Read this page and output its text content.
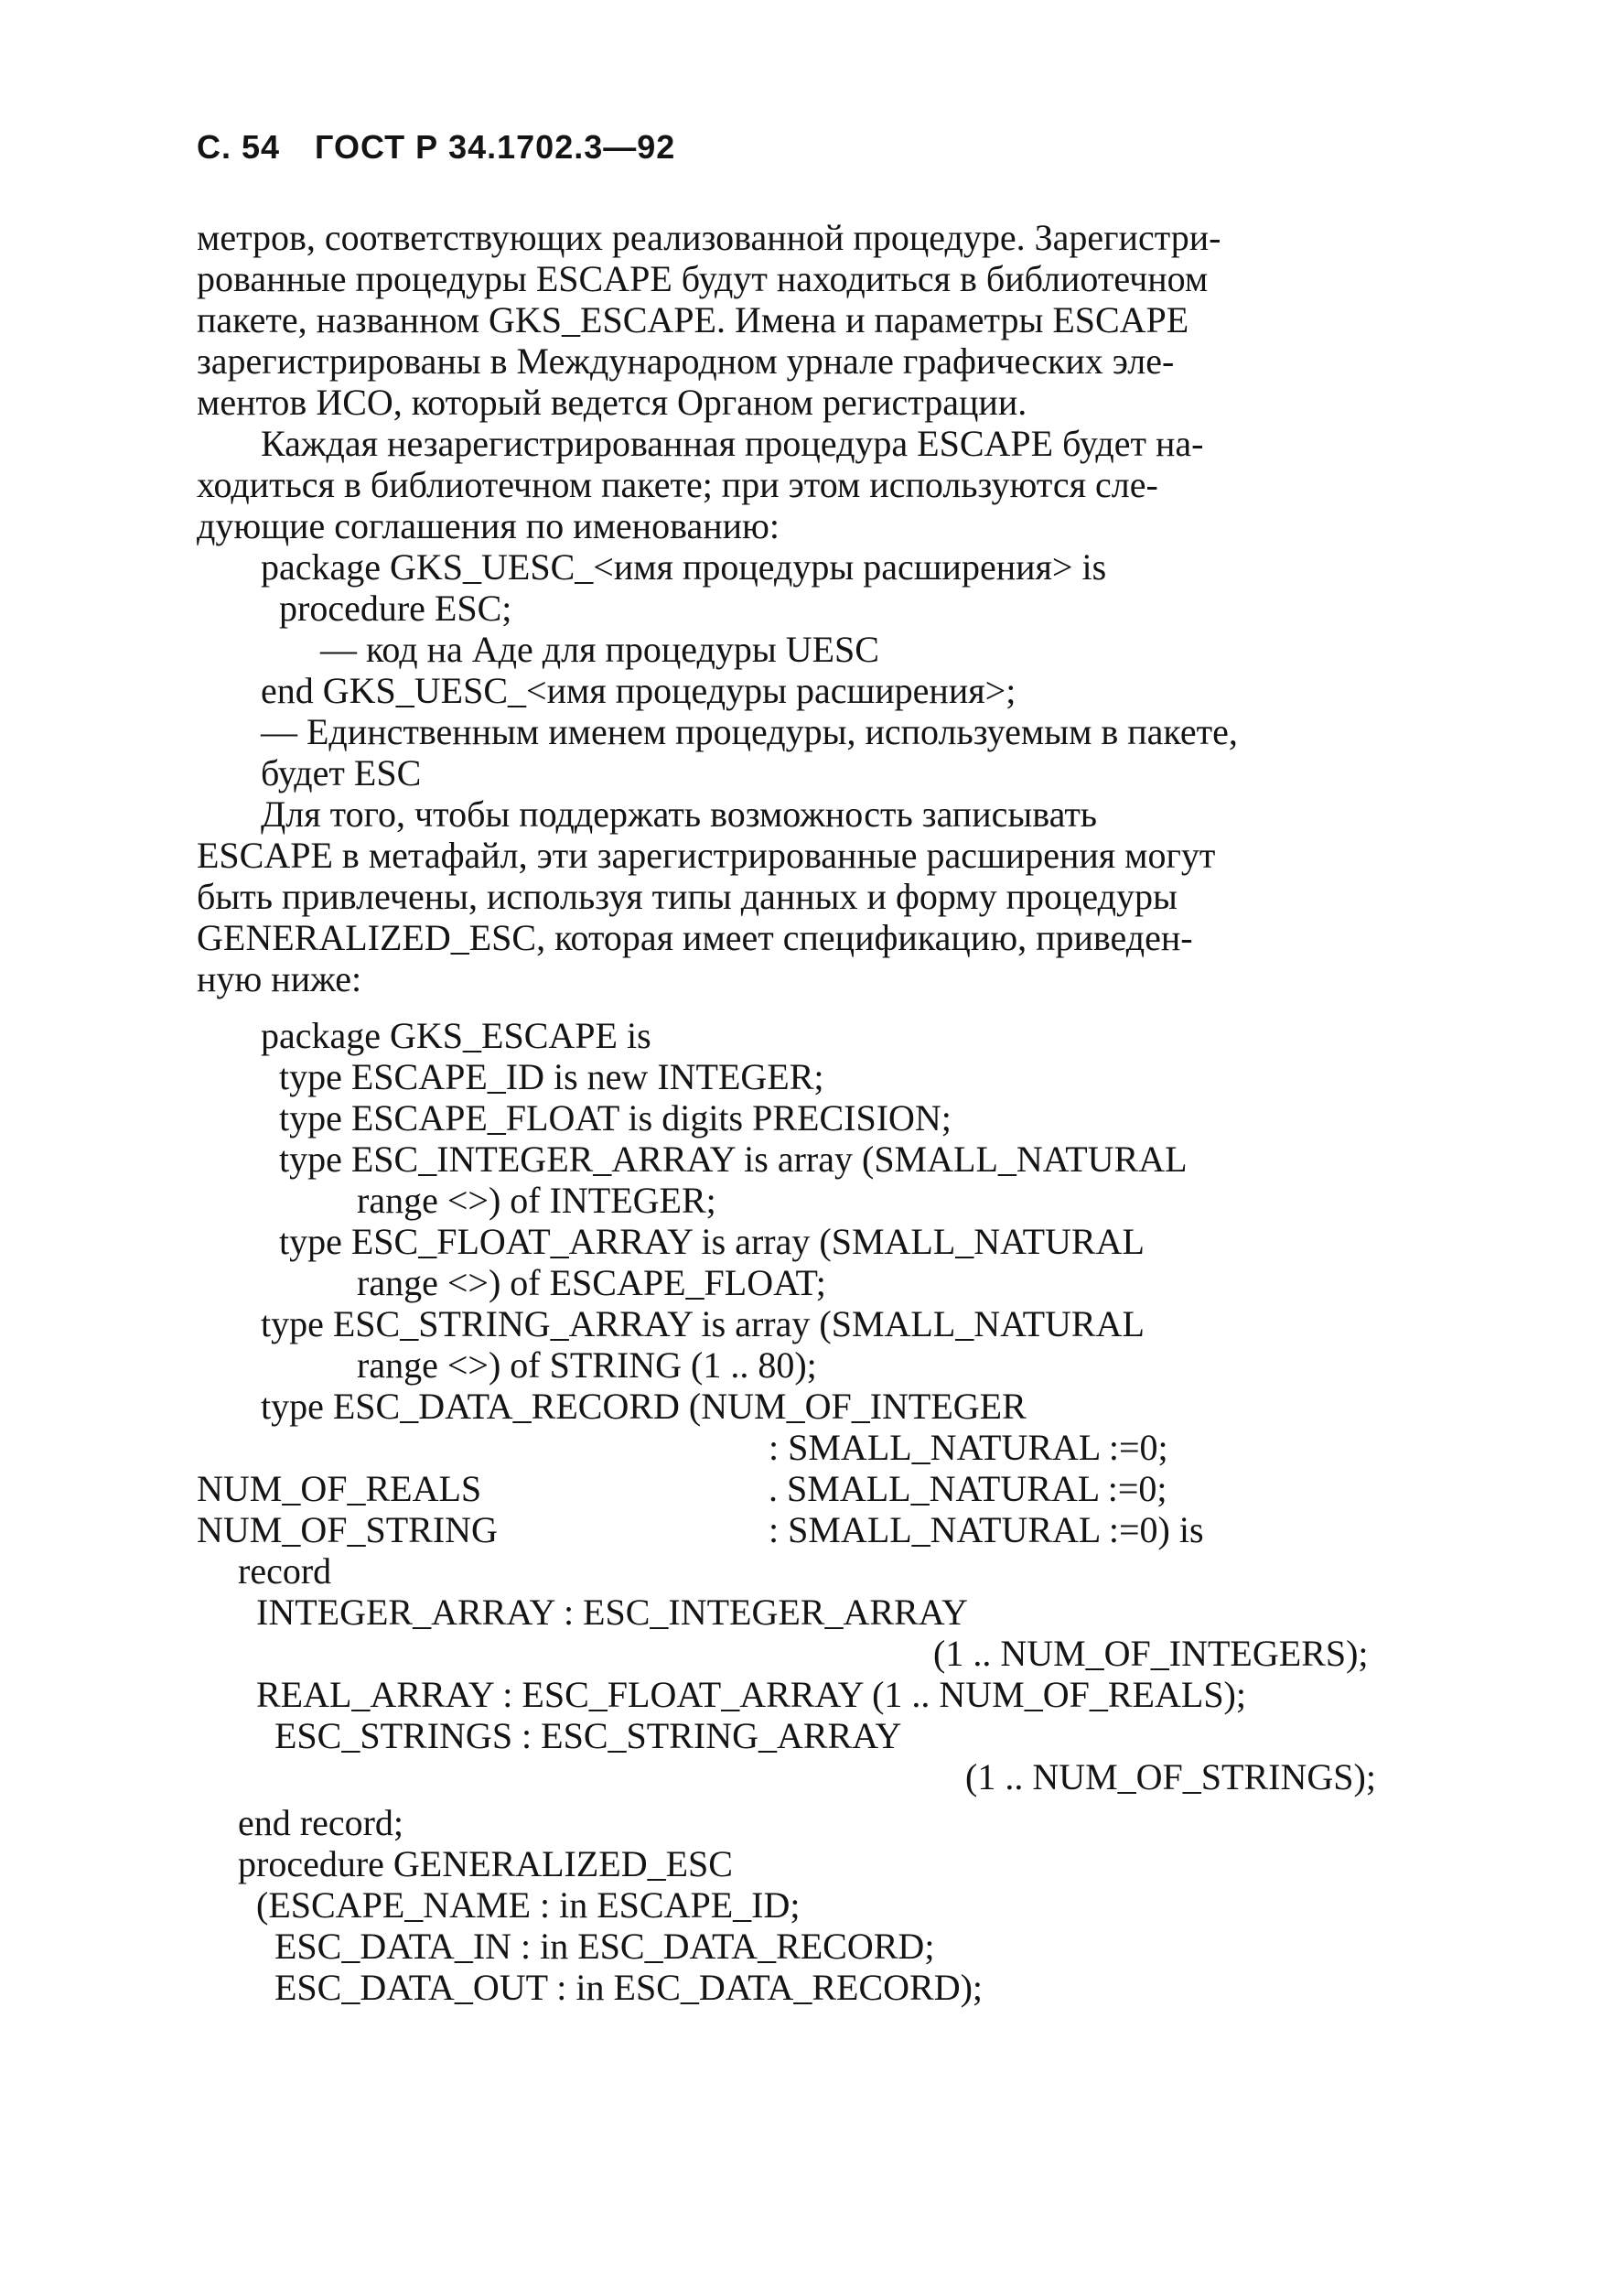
С. 54 ГОСТ Р 34.1702.3—92
метров, соответствующих реализованной процедуре. Зарегистри-
рованные процедуры ESCAPE будут находиться в библиотечном
пакете, названном GKS_ESCAPE. Имена и параметры ESCAPE
зарегистрированы в Международном урнале графических эле-
ментов ИСО, который ведется Органом регистрации.
Каждая незарегистрированная процедура ESCAPE будет на-
ходиться в библиотечном пакете; при этом используются сле-
дующие соглашения по именованию:
package GKS_UESC_<имя процедуры расширения> is
procedure ESC;
— код на Аде для процедуры UESC
end GKS_UESC_<имя процедуры расширения>;
— Единственным именем процедуры, используемым в пакете,
будет ESC
Для того, чтобы поддержать возможность записывать
ESCAPE в метафайл, эти зарегистрированные расширения могут
быть привлечены, используя типы данных и форму процедуры
GENERALIZED_ESC, которая имеет спецификацию, приведен-
ную ниже:
package GKS_ESCAPE is
type ESCAPE_ID is new INTEGER;
type ESCAPE_FLOAT is digits PRECISION;
type ESC_INTEGER_ARRAY is array (SMALL_NATURAL
range <>) of INTEGER;
type ESC_FLOAT_ARRAY is array (SMALL_NATURAL
range <>) of ESCAPE_FLOAT;
type ESC_STRING_ARRAY is array (SMALL_NATURAL
range <>) of STRING (1 .. 80);
type ESC_DATA_RECORD (NUM_OF_INTEGER
: SMALL_NATURAL :=0;
NUM_OF_REALS	. SMALL_NATURAL :=0;
NUM_OF_STRING	: SMALL_NATURAL :=0) is
record
INTEGER_ARRAY : ESC_INTEGER_ARRAY
(1 .. NUM_OF_INTEGERS);
REAL_ARRAY : ESC_FLOAT_ARRAY (1 .. NUM_OF_REALS);
ESC_STRINGS : ESC_STRING_ARRAY
(1 .. NUM_OF_STRINGS);
end record;
procedure GENERALIZED_ESC
(ESCAPE_NAME : in ESCAPE_ID;
ESC_DATA_IN : in ESC_DATA_RECORD;
ESC_DATA_OUT : in ESC_DATA_RECORD);
